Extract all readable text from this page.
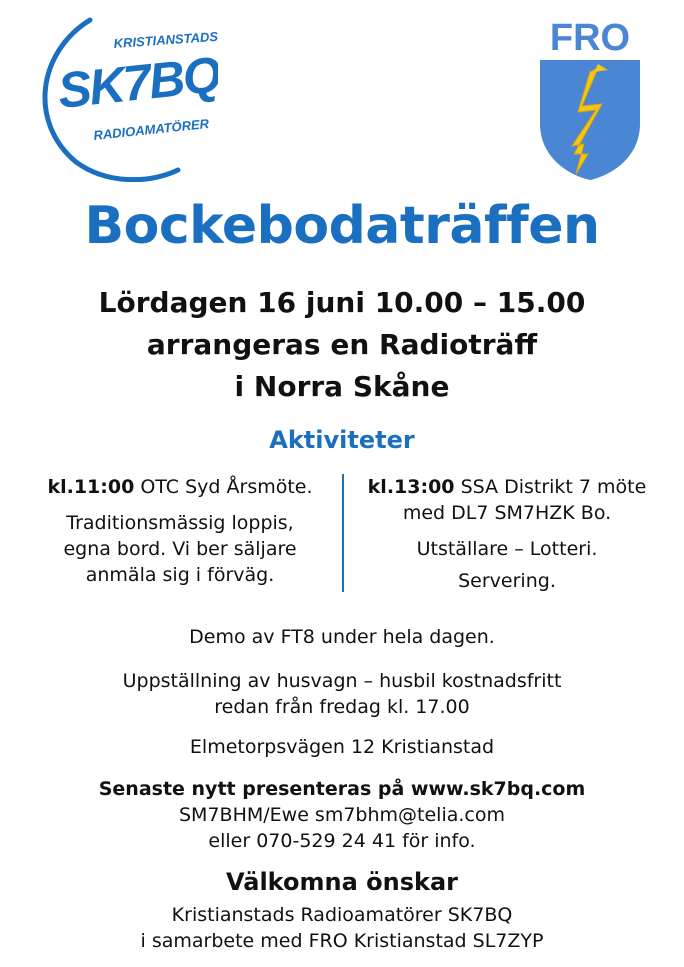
KRISTIANSTADS
SK7BQ
RADIOAMATÖRER
FRO
Bockebodaträffen
Lördagen 16 juni 10.00 – 15.00
arrangeras en Radioträff
i Norra Skåne
Aktiviteter
kl.11:00 OTC Syd Årsmöte.
Traditionsmässig loppis,
egna bord. Vi ber säljare
anmäla sig i förväg.
kl.13:00 SSA Distrikt 7 möte
med DL7 SM7HZK Bo.
Utställare – Lotteri.
Servering.
Demo av FT8 under hela dagen.
Uppställning av husvagn – husbil kostnadsfritt
redan från fredag kl. 17.00
Elmetorpsvägen 12 Kristianstad
Senaste nytt presenteras på www.sk7bq.com
SM7BHM/Ewe sm7bhm@telia.com
eller 070-529 24 41 för info.
Välkomna önskar
Kristianstads Radioamatörer SK7BQ
i samarbete med FRO Kristianstad SL7ZYP
